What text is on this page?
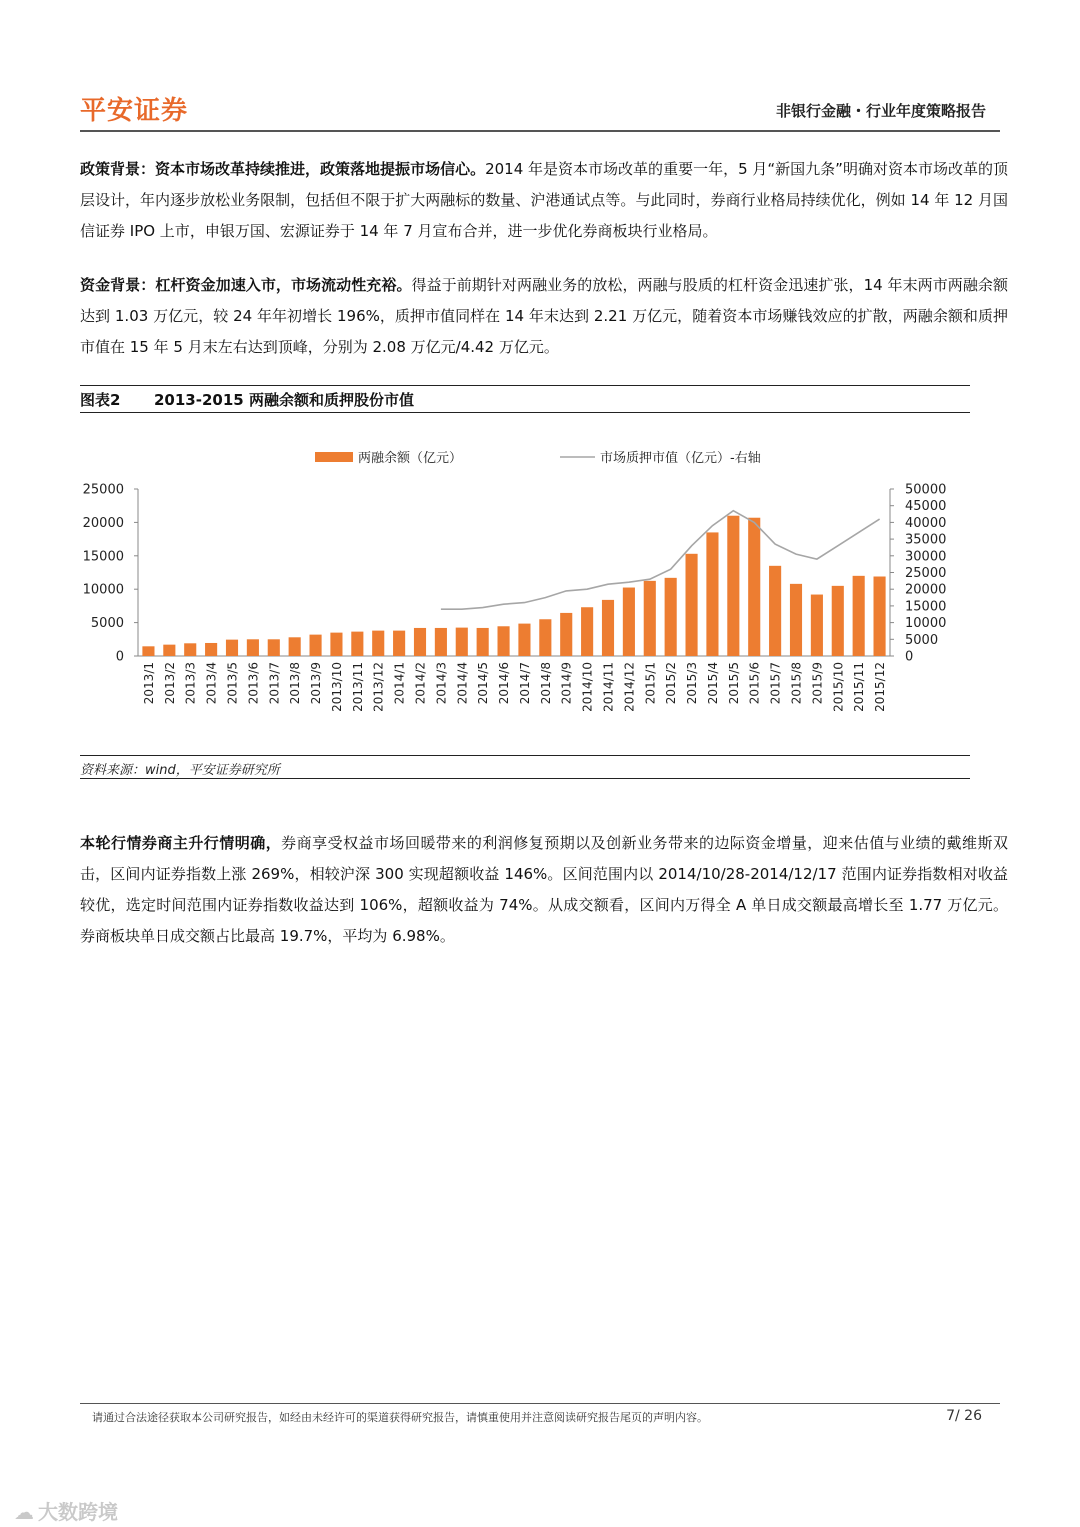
平安证券	非银行金融・行业年度策略报告

政策背景：资本市场改革持续推进，政策落地提振市场信心。2014 年是资本市场改革的重要一年，5 月“新国九条”明确对资本市场改革的顶层设计，年内逐步放松业务限制，包括但不限于扩大两融标的数量、沪港通试点等。与此同时，券商行业格局持续优化，例如 14 年 12 月国信证券 IPO 上市，申银万国、宏源证券于 14 年 7 月宣布合并，进一步优化券商板块行业格局。

资金背景：杠杆资金加速入市，市场流动性充裕。得益于前期针对两融业务的放松，两融与股质的杠杆资金迅速扩张，14 年末两市两融余额达到 1.03 万亿元，较 24 年年初增长 196%，质押市值同样在 14 年末达到 2.21 万亿元，随着资本市场赚钱效应的扩散，两融余额和质押市值在 15 年 5 月末左右达到顶峰，分别为 2.08 万亿元/4.42 万亿元。

图表2 2013-2015 两融余额和质押股份市值
两融余额（亿元）	市场质押市值（亿元）-右轴
0
5000
10000
15000
20000
25000
0
5000
10000
15000
20000
25000
30000
35000
40000
45000
50000
2013/1 2013/2 2013/3 2013/4 2013/5 2013/6 2013/7 2013/8 2013/9 2013/10 2013/11 2013/12 2014/1 2014/2 2014/3 2014/4 2014/5 2014/6 2014/7 2014/8 2014/9 2014/10 2014/11 2014/12 2015/1 2015/2 2015/3 2015/4 2015/5 2015/6 2015/7 2015/8 2015/9 2015/10 2015/11 2015/12
资料来源：wind，平安证券研究所

本轮行情券商主升行情明确，券商享受权益市场回暖带来的利润修复预期以及创新业务带来的边际资金增量，迎来估值与业绩的戴维斯双击，区间内证券指数上涨 269%，相较沪深 300 实现超额收益 146%。区间范围内以 2014/10/28-2014/12/17 范围内证券指数相对收益较优，选定时间范围内证券指数收益达到 106%，超额收益为 74%。从成交额看，区间内万得全 A 单日成交额最高增长至 1.77 万亿元。券商板块单日成交额占比最高 19.7%，平均为 6.98%。

请通过合法途径获取本公司研究报告，如经由未经许可的渠道获得研究报告，请慎重使用并注意阅读研究报告尾页的声明内容。	7/ 26
☁ 大数跨境
